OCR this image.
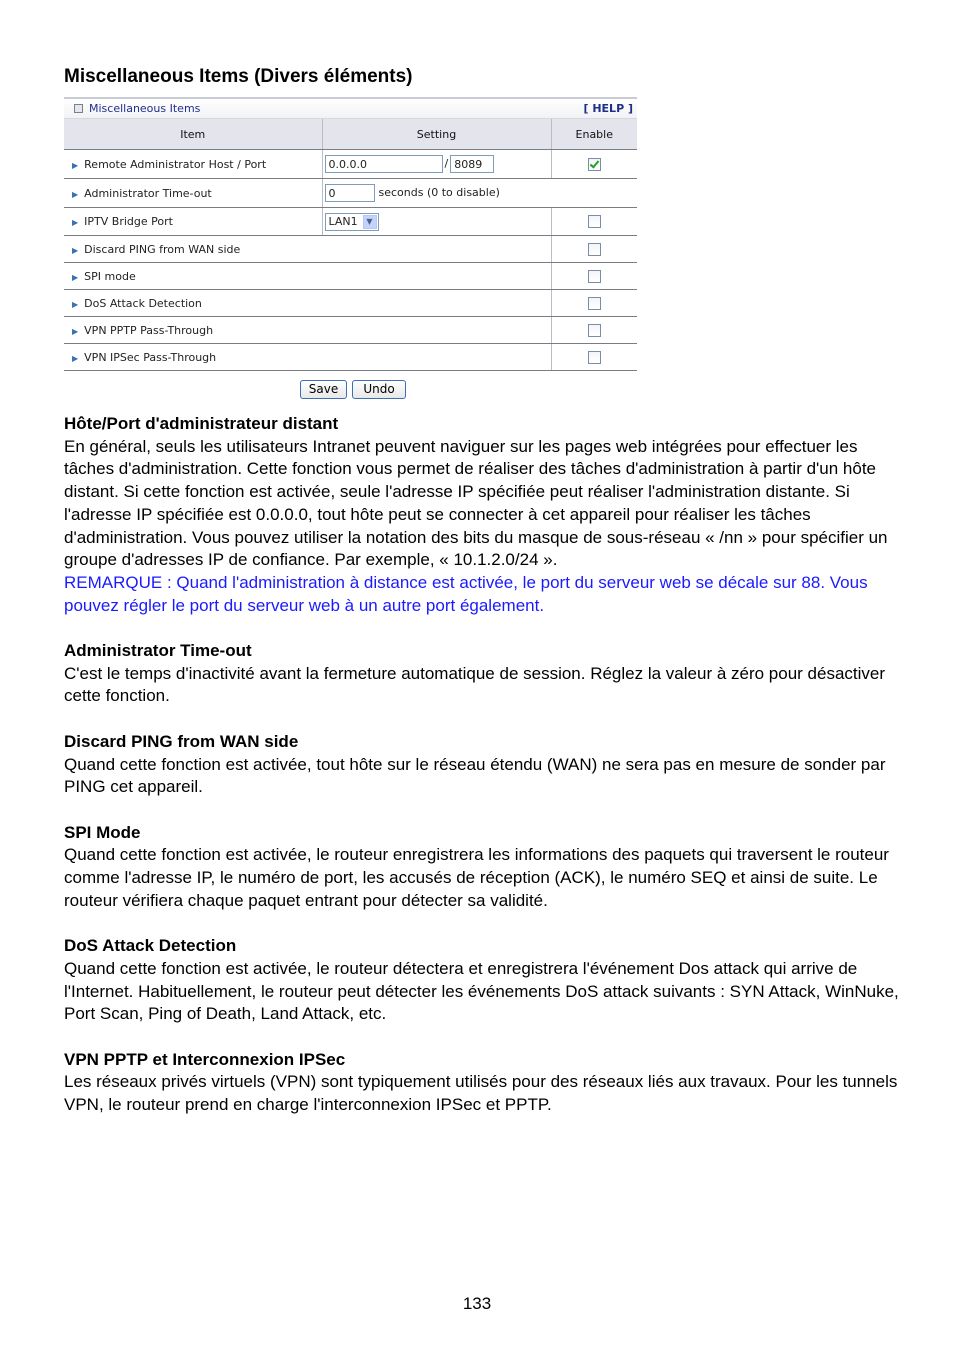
Miscellaneous Items (Divers éléments)
Miscellaneous Items	[ HELP ]
Item	Setting	Enable
▶ Remote Administrator Host / Port	0.0.0.0 / 8089	
▶ Administrator Time-out	0 seconds (0 to disable)	
▶ IPTV Bridge Port	LAN1 ▼	

▶ Discard PING from WAN side		
▶ SPI mode		
▶ DoS Attack Detection		
▶ VPN PPTP Pass-Through		
▶ VPN IPSec Pass-Through		
Save	Undo
Hôte/Port d'administrateur distant

En général, seuls les utilisateurs Intranet peuvent naviguer sur les pages web intégrées pour effectuer les tâches d'administration. Cette fonction vous permet de réaliser des tâches d'administration à partir d'un hôte distant. Si cette fonction est activée, seule l'adresse IP spécifiée peut réaliser l'administration distante. Si l'adresse IP spécifiée est 0.0.0.0, tout hôte peut se connecter à cet appareil pour réaliser les tâches d'administration. Vous pouvez utiliser la notation des bits du masque de sous-réseau « /nn » pour spécifier un groupe d'adresses IP de confiance. Par exemple, « 10.1.2.0/24 ».

REMARQUE : Quand l'administration à distance est activée, le port du serveur web se décale sur 88. Vous pouvez régler le port du serveur web à un autre port également.

Administrator Time-out

C'est le temps d'inactivité avant la fermeture automatique de session. Réglez la valeur à zéro pour désactiver cette fonction.

Discard PING from WAN side

Quand cette fonction est activée, tout hôte sur le réseau étendu (WAN) ne sera pas en mesure de sonder par PING cet appareil.

SPI Mode

Quand cette fonction est activée, le routeur enregistrera les informations des paquets qui traversent le routeur comme l'adresse IP, le numéro de port, les accusés de réception (ACK), le numéro SEQ et ainsi de suite. Le routeur vérifiera chaque paquet entrant pour détecter sa validité.

DoS Attack Detection

Quand cette fonction est activée, le routeur détectera et enregistrera l'événement Dos attack qui arrive de l'Internet. Habituellement, le routeur peut détecter les événements DoS attack suivants : SYN Attack, WinNuke, Port Scan, Ping of Death, Land Attack, etc.

VPN PPTP et Interconnexion IPSec

Les réseaux privés virtuels (VPN) sont typiquement utilisés pour des réseaux liés aux travaux. Pour les tunnels VPN, le routeur prend en charge l'interconnexion IPSec et PPTP.

133
